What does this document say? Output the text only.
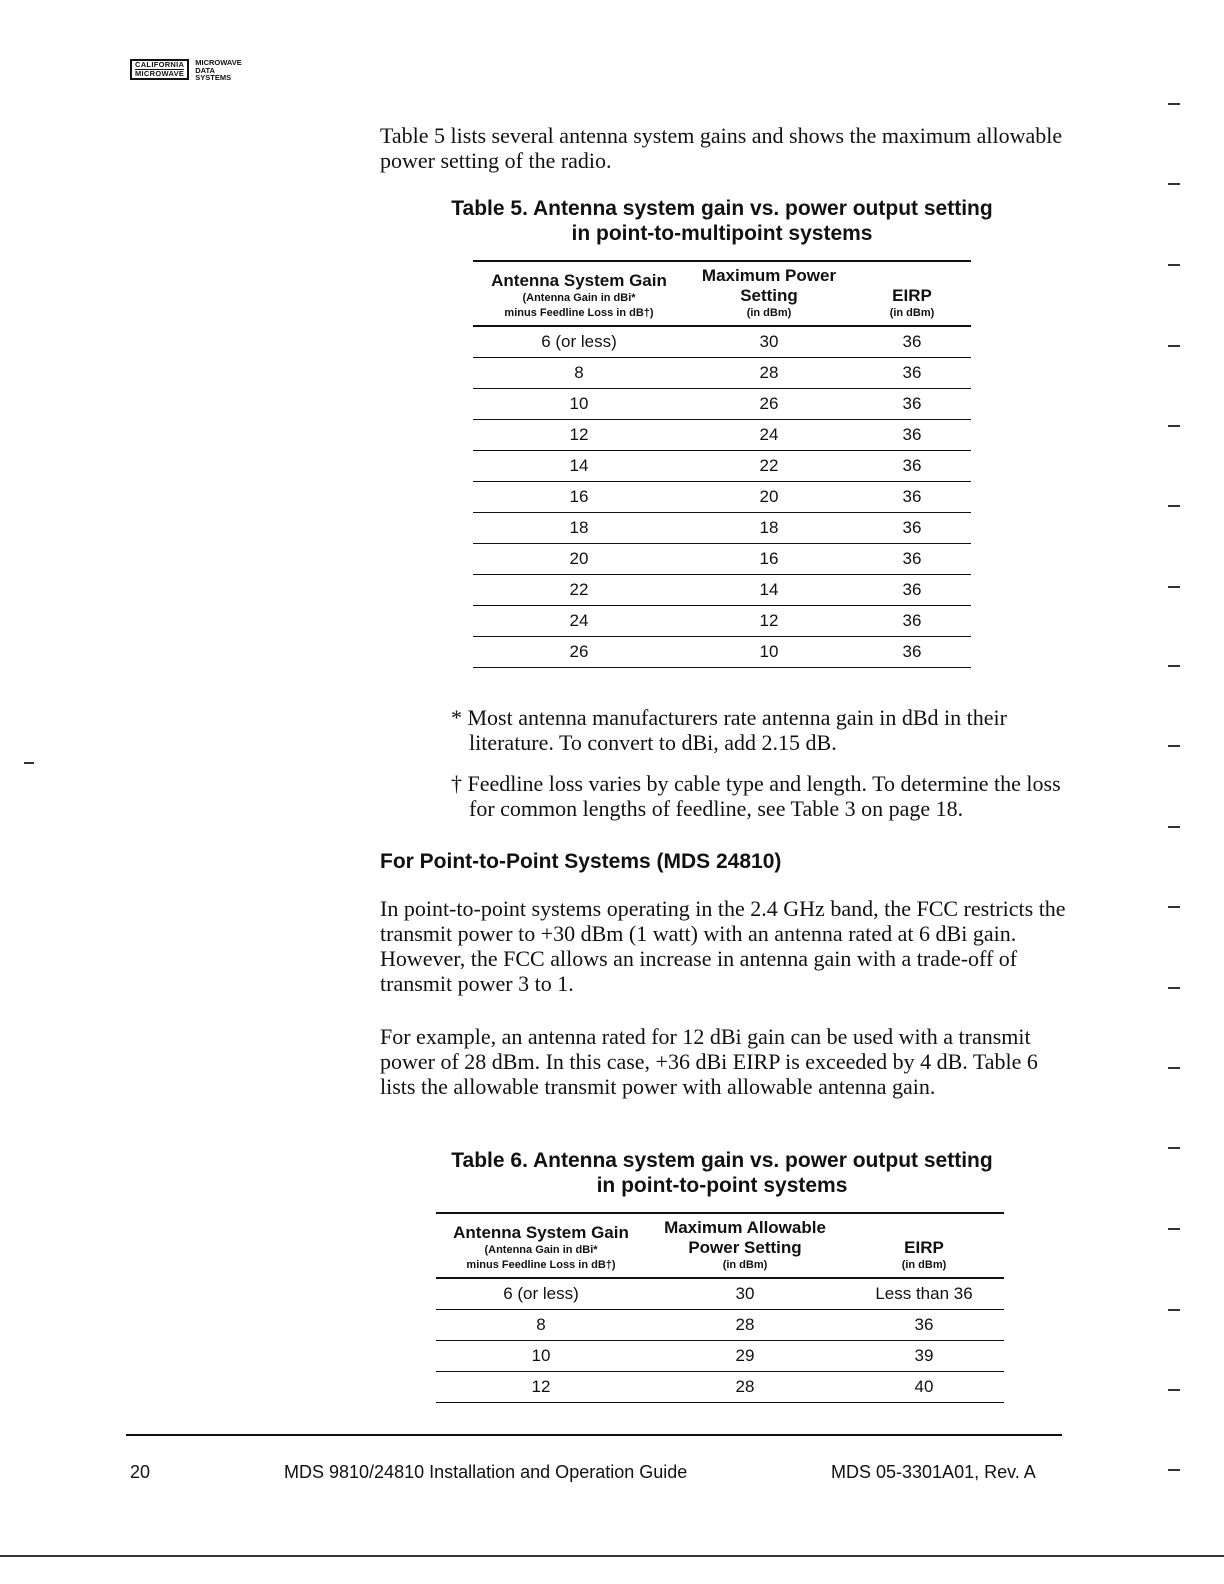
CALIFORNIA
MICROWAVE
MICROWAVE
DATA
SYSTEMS

Table 5 lists several antenna system gains and shows the maximum allowable power setting of the radio.

Table 5. Antenna system gain vs. power output setting
in point-to-multipoint systems

Antenna System Gain
(Antenna Gain in dBi*
minus Feedline Loss in dB†)	Maximum Power
Setting
(in dBm)	EIRP
(in dBm)

6 (or less)	30	36
8	28	36
10	26	36
12	24	36
14	22	36
16	20	36
18	18	36
20	16	36
22	14	36
24	12	36
26	10	36

* Most antenna manufacturers rate antenna gain in dBd in their literature. To convert to dBi, add 2.15 dB.

† Feedline loss varies by cable type and length. To determine the loss for common lengths of feedline, see Table 3 on page 18.

For Point-to-Point Systems (MDS 24810)

In point-to-point systems operating in the 2.4 GHz band, the FCC restricts the transmit power to +30 dBm (1 watt) with an antenna rated at 6 dBi gain. However, the FCC allows an increase in antenna gain with a trade-off of transmit power 3 to 1.

For example, an antenna rated for 12 dBi gain can be used with a transmit power of 28 dBm. In this case, +36 dBi EIRP is exceeded by 4 dB. Table 6 lists the allowable transmit power with allowable antenna gain.

Table 6. Antenna system gain vs. power output setting
in point-to-point systems

Antenna System Gain
(Antenna Gain in dBi*
minus Feedline Loss in dB†)	Maximum Allowable
Power Setting
(in dBm)	EIRP
(in dBm)

6 (or less)	30	Less than 36
8	28	36
10	29	39
12	28	40
20	MDS 9810/24810 Installation and Operation Guide	MDS 05-3301A01, Rev. A
